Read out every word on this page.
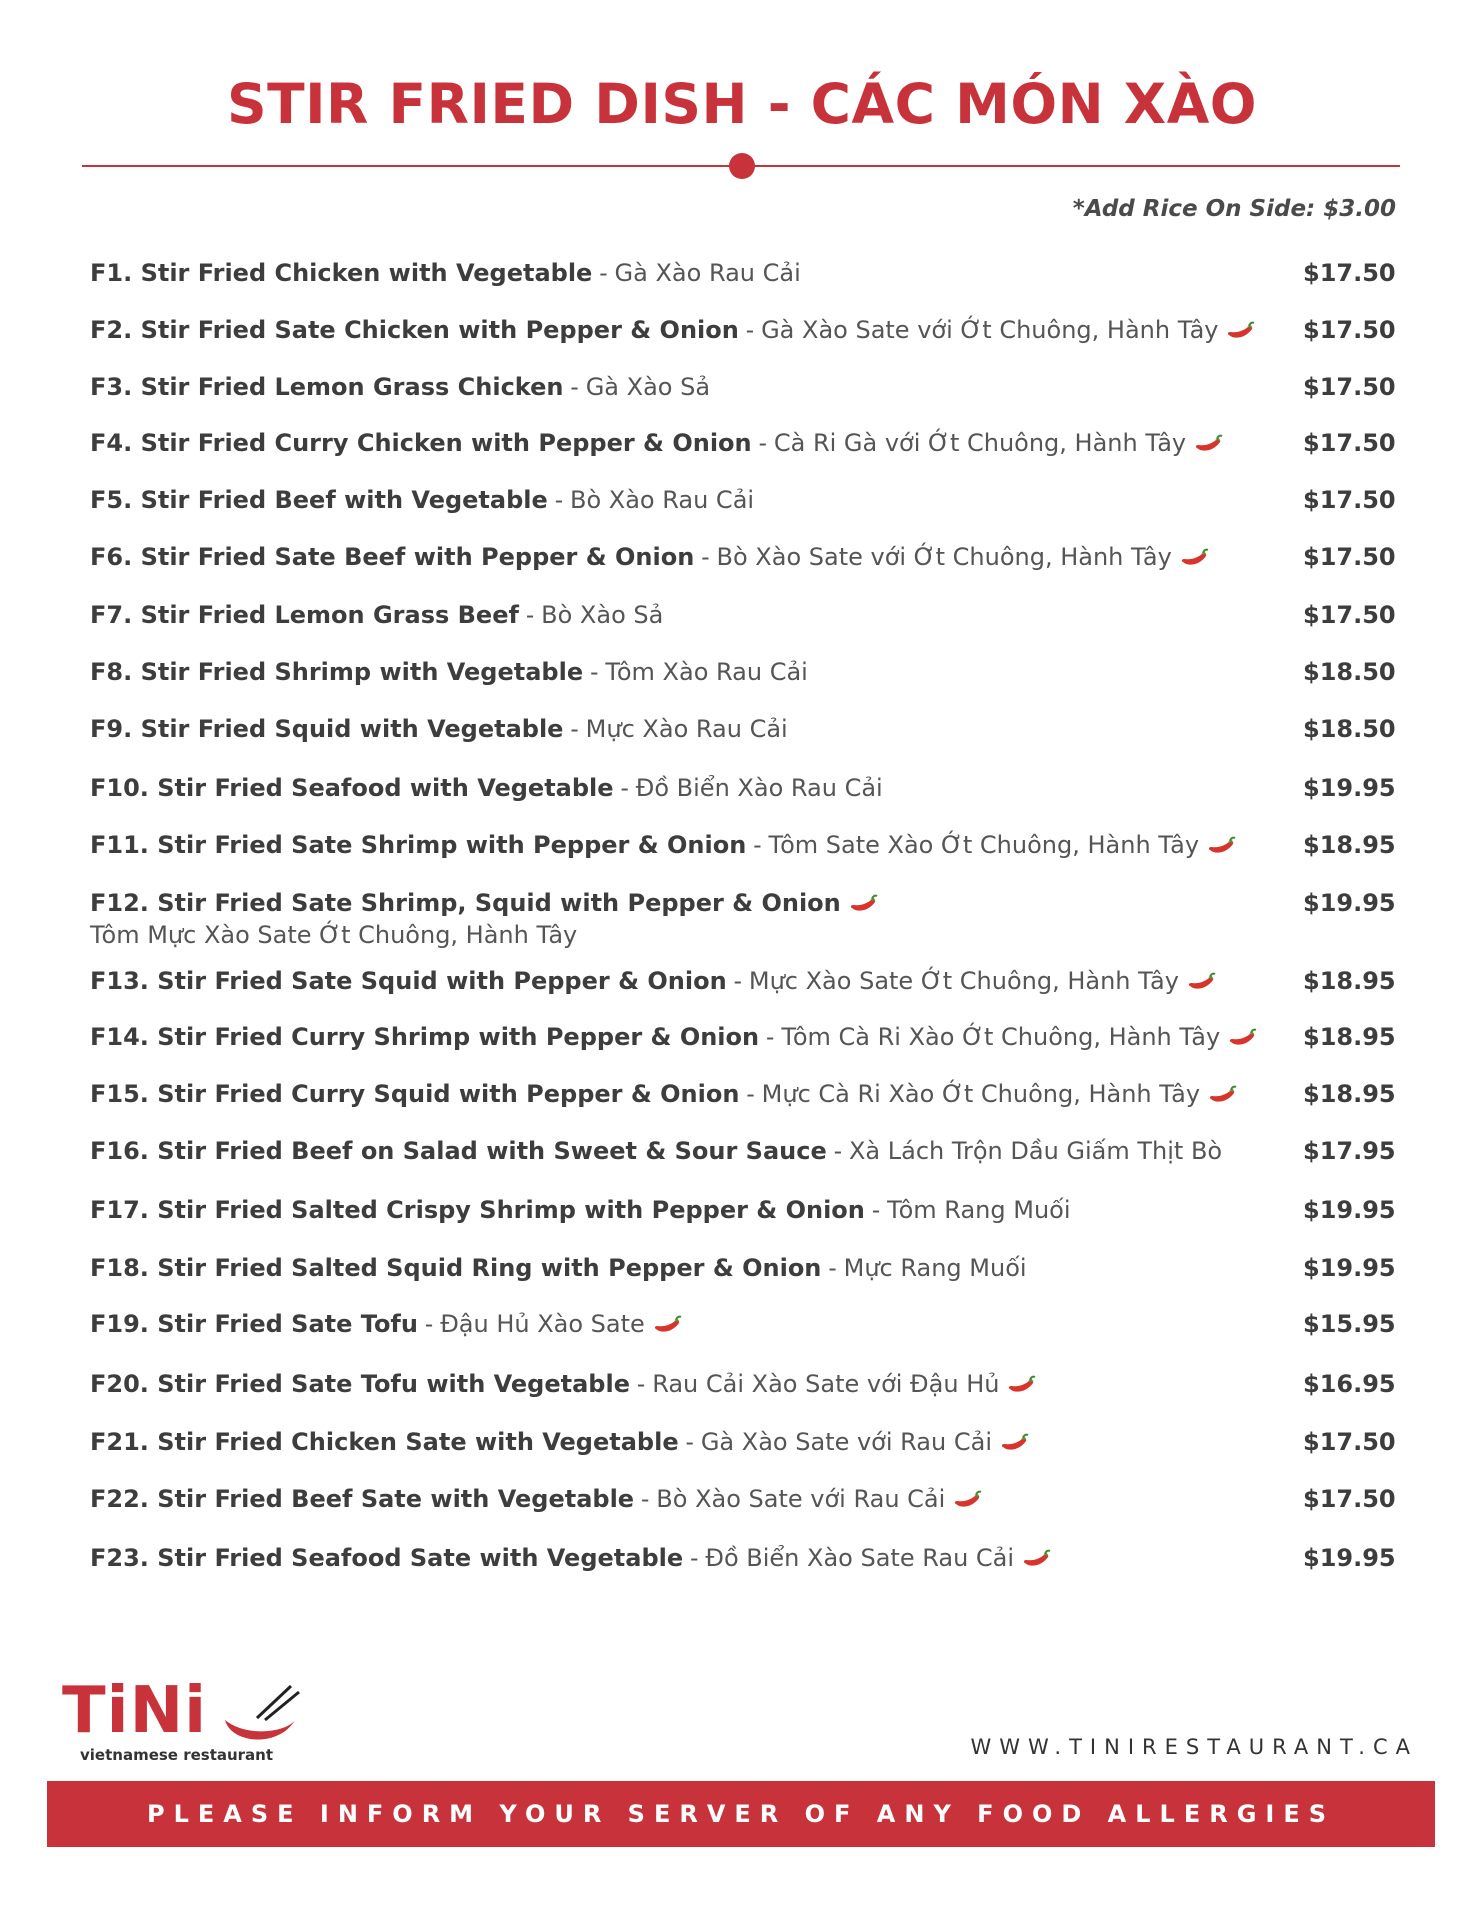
STIR FRIED DISH - CÁC MÓN XÀO
*Add Rice On Side: $3.00
F1. Stir Fried Chicken with Vegetable - Gà Xào Rau Cải	$17.50
F2. Stir Fried Sate Chicken with Pepper & Onion - Gà Xào Sate với Ớt Chuông, Hành Tây	$17.50
F3. Stir Fried Lemon Grass Chicken - Gà Xào Sả	$17.50
F4. Stir Fried Curry Chicken with Pepper & Onion - Cà Ri Gà với Ớt Chuông, Hành Tây	$17.50
F5. Stir Fried Beef with Vegetable - Bò Xào Rau Cải	$17.50
F6. Stir Fried Sate Beef with Pepper & Onion - Bò Xào Sate với Ớt Chuông, Hành Tây	$17.50
F7. Stir Fried Lemon Grass Beef - Bò Xào Sả	$17.50
F8. Stir Fried Shrimp with Vegetable - Tôm Xào Rau Cải	$18.50
F9. Stir Fried Squid with Vegetable - Mực Xào Rau Cải	$18.50
F10. Stir Fried Seafood with Vegetable - Đồ Biển Xào Rau Cải	$19.95
F11. Stir Fried Sate Shrimp with Pepper & Onion - Tôm Sate Xào Ớt Chuông, Hành Tây	$18.95
F12. Stir Fried Sate Shrimp, Squid with Pepper & Onion
Tôm Mực Xào Sate Ớt Chuông, Hành Tây
$19.95
F13. Stir Fried Sate Squid with Pepper & Onion - Mực Xào Sate Ớt Chuông, Hành Tây	$18.95
F14. Stir Fried Curry Shrimp with Pepper & Onion - Tôm Cà Ri Xào Ớt Chuông, Hành Tây	$18.95
F15. Stir Fried Curry Squid with Pepper & Onion - Mực Cà Ri Xào Ớt Chuông, Hành Tây	$18.95
F16. Stir Fried Beef on Salad with Sweet & Sour Sauce - Xà Lách Trộn Dầu Giấm Thịt Bò	$17.95
F17. Stir Fried Salted Crispy Shrimp with Pepper & Onion - Tôm Rang Muối	$19.95
F18. Stir Fried Salted Squid Ring with Pepper & Onion - Mực Rang Muối	$19.95
F19. Stir Fried Sate Tofu - Đậu Hủ Xào Sate	$15.95
F20. Stir Fried Sate Tofu with Vegetable - Rau Cải Xào Sate với Đậu Hủ	$16.95
F21. Stir Fried Chicken Sate with Vegetable - Gà Xào Sate với Rau Cải	$17.50
F22. Stir Fried Beef Sate with Vegetable - Bò Xào Sate với Rau Cải	$17.50
F23. Stir Fried Seafood Sate with Vegetable - Đồ Biển Xào Sate Rau Cải	$19.95
TiNi
vietnamese restaurant	WWW.TINIRESTAURANT.CA
PLEASE INFORM YOUR SERVER OF ANY FOOD ALLERGIES
